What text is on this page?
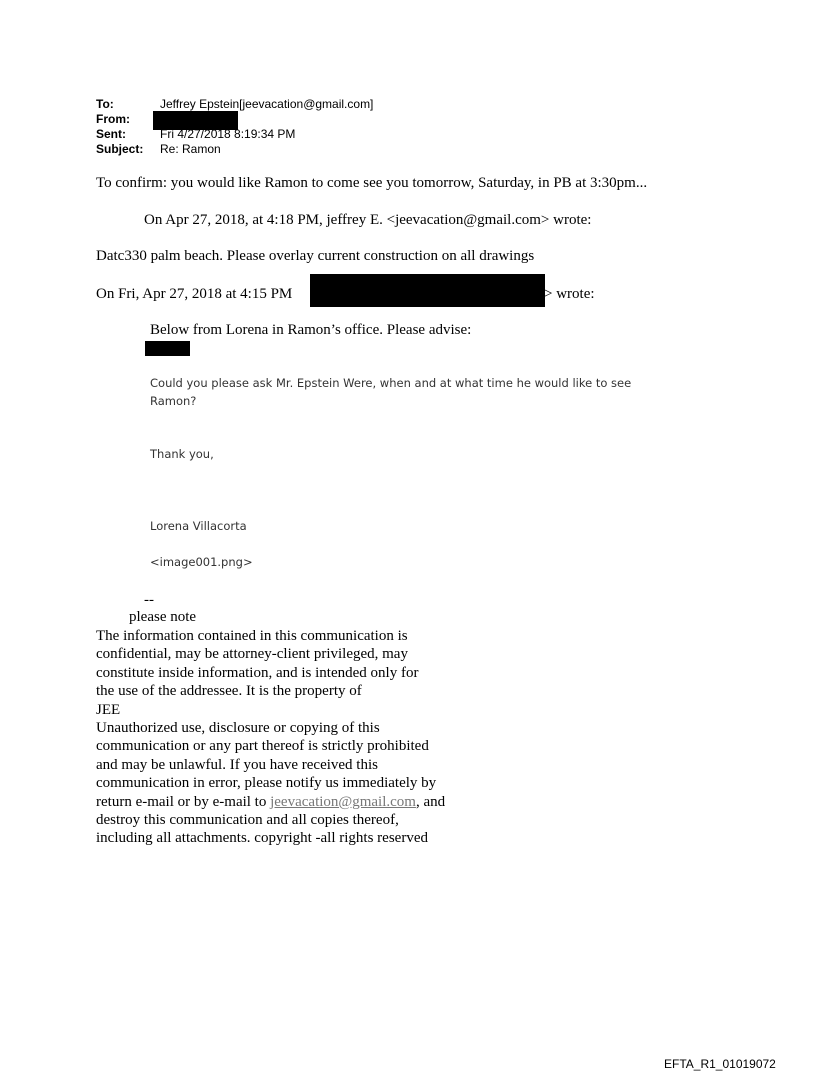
To:	Jeffrey Epstein[jeevacation@gmail.com]
From:
Sent:	Fri 4/27/2018 8:19:34 PM
Subject: Re: Ramon
To confirm: you would like Ramon to come see you tomorrow, Saturday, in PB at 3:30pm...
On Apr 27, 2018, at 4:18 PM, jeffrey E. <jeevacation@gmail.com> wrote:
Datc330 palm beach. Please overlay current construction on all drawings
On Fri, Apr 27, 2018 at 4:15 PM	> wrote:
Below from Lorena in Ramon’s office. Please advise:
Could you please ask Mr. Epstein Were, when and at what time he would like to see
Ramon?
Thank you,
Lorena Villacorta
<image001.png>
--
please note
The information contained in this communication is
confidential, may be attorney-client privileged, may
constitute inside information, and is intended only for
the use of the addressee. It is the property of
JEE
Unauthorized use, disclosure or copying of this
communication or any part thereof is strictly prohibited
and may be unlawful. If you have received this
communication in error, please notify us immediately by
return e-mail or by e-mail to jeevacation@gmail.com, and
destroy this communication and all copies thereof,
including all attachments. copyright -all rights reserved
EFTA_R1_01019072
